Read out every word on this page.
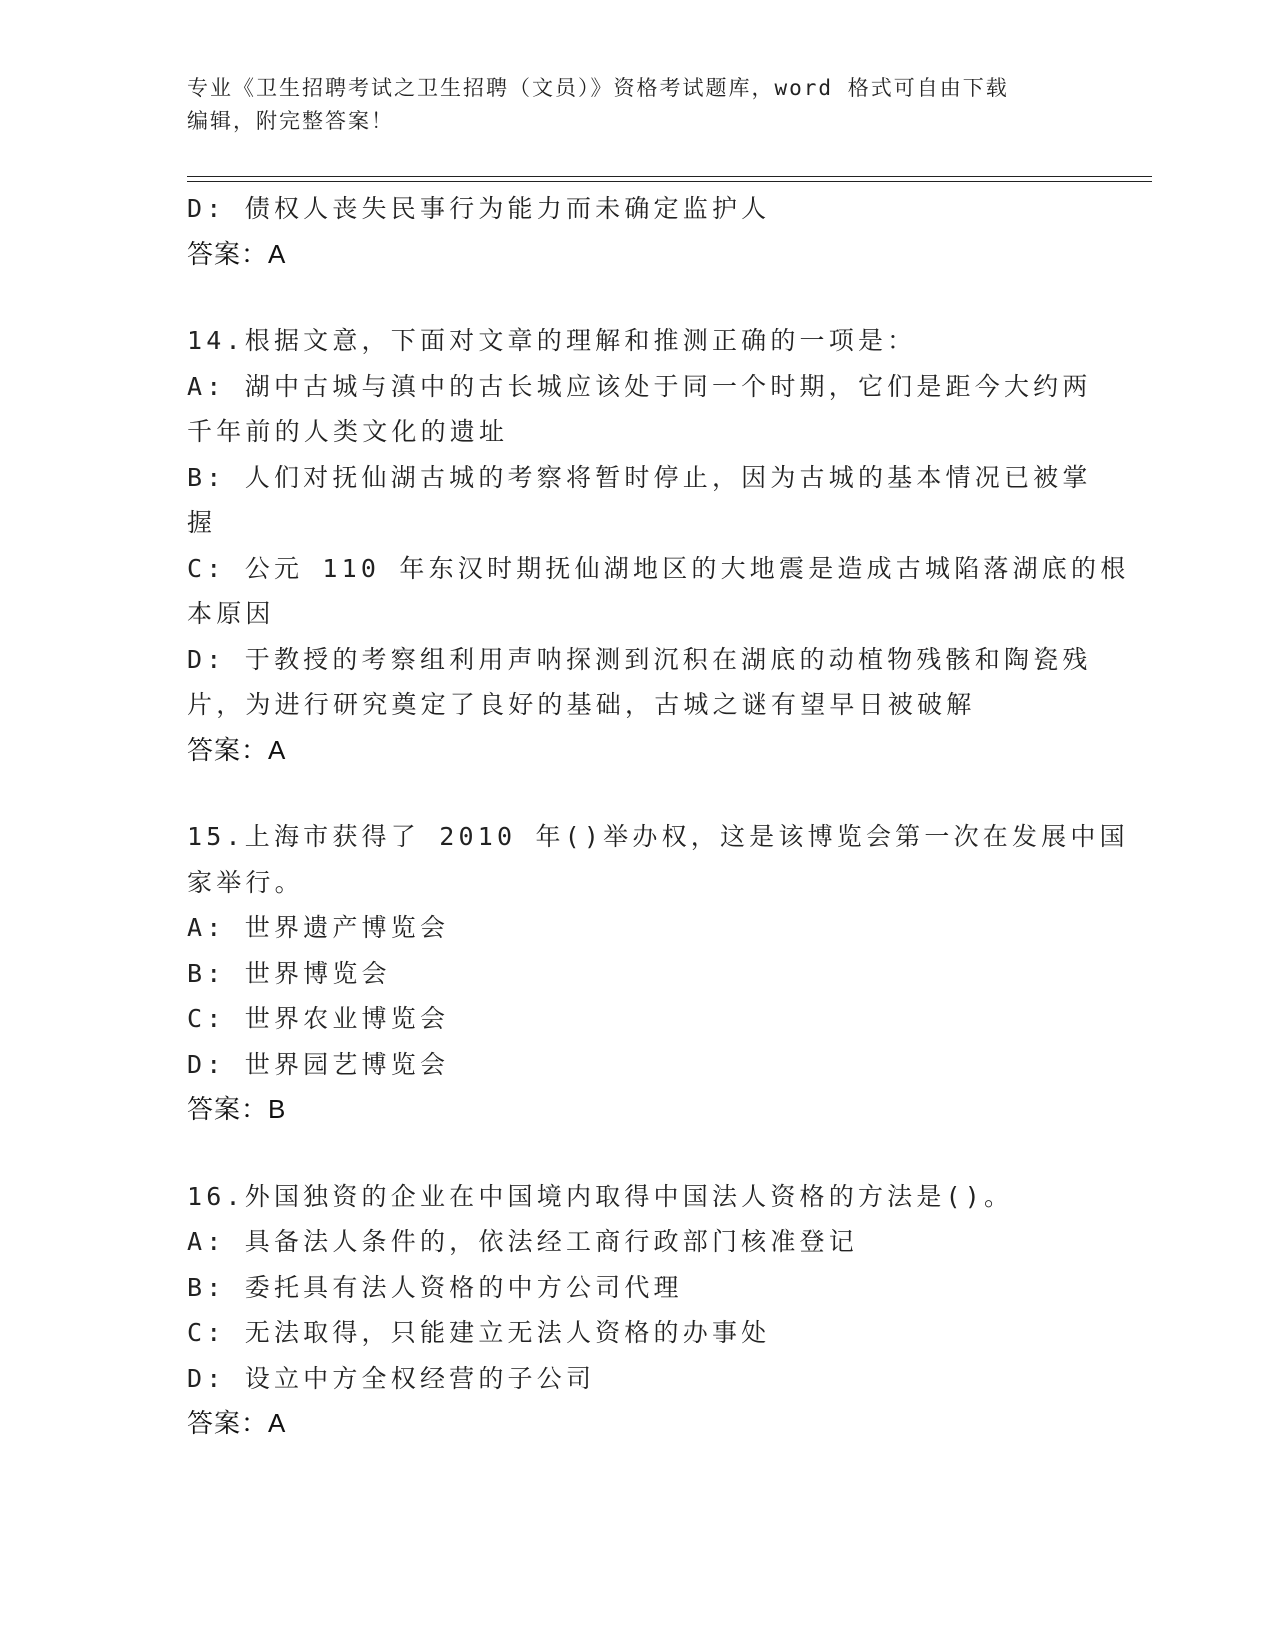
专业《卫生招聘考试之卫生招聘（文员）》资格考试题库，word 格式可自由下载
编辑，附完整答案！
D: 债权人丧失民事行为能力而未确定监护人
答案：A
14.根据文意，下面对文章的理解和推测正确的一项是：
A: 湖中古城与滇中的古长城应该处于同一个时期，它们是距今大约两
千年前的人类文化的遗址
B: 人们对抚仙湖古城的考察将暂时停止，因为古城的基本情况已被掌
握
C: 公元 110 年东汉时期抚仙湖地区的大地震是造成古城陷落湖底的根
本原因
D: 于教授的考察组利用声呐探测到沉积在湖底的动植物残骸和陶瓷残
片，为进行研究奠定了良好的基础，古城之谜有望早日被破解
答案：A
15.上海市获得了 2010 年()举办权，这是该博览会第一次在发展中国
家举行。
A: 世界遗产博览会
B: 世界博览会
C: 世界农业博览会
D: 世界园艺博览会
答案：B
16.外国独资的企业在中国境内取得中国法人资格的方法是()。
A: 具备法人条件的，依法经工商行政部门核准登记
B: 委托具有法人资格的中方公司代理
C: 无法取得，只能建立无法人资格的办事处
D: 设立中方全权经营的子公司
答案：A
